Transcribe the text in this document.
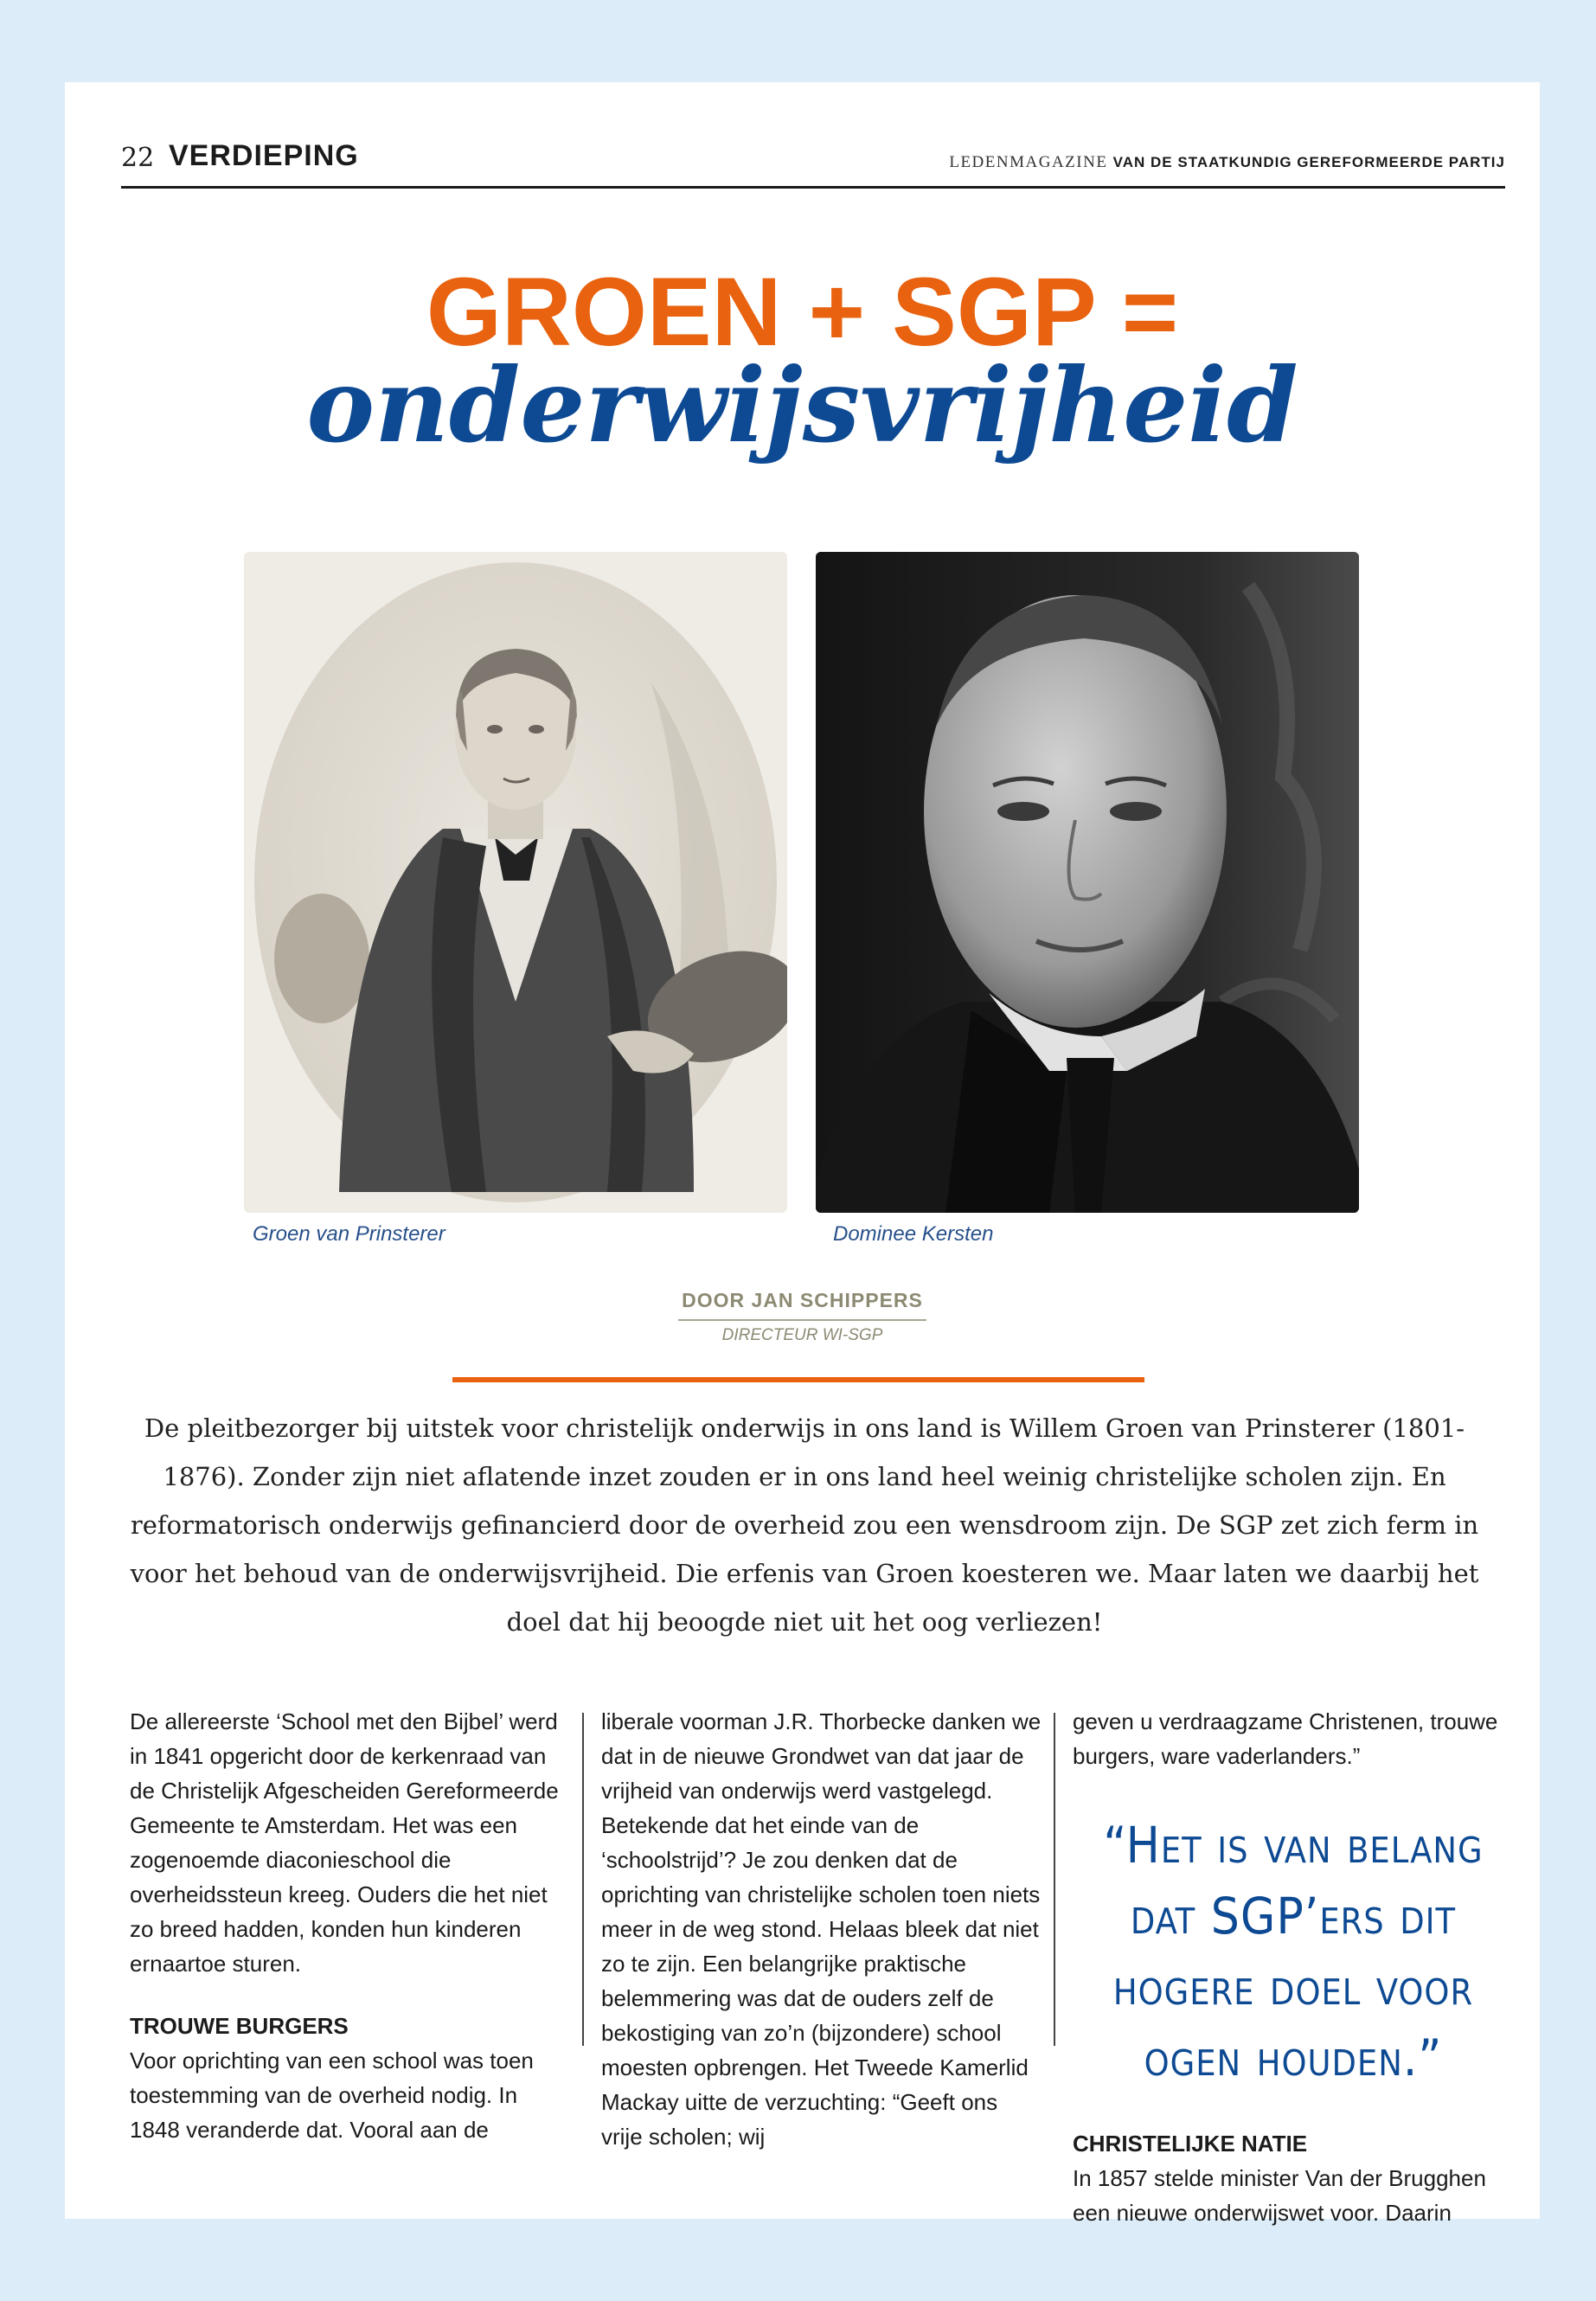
22 VERDIEPING	LEDENMAGAZINE VAN DE STAATKUNDIG GEREFORMEERDE PARTIJ
GROEN + SGP =
onderwijsvrijheid
Groen van Prinsterer	Dominee Kersten
DOOR JAN SCHIPPERS
DIRECTEUR WI-SGP
De pleitbezorger bij uitstek voor christelijk onderwijs in ons land is Willem Groen van Prinsterer (1801-1876). Zonder zijn niet aflatende inzet zouden er in ons land heel weinig christelijke scholen zijn. En reformatorisch onderwijs gefinancierd door de overheid zou een wensdroom zijn. De SGP zet zich ferm in voor het behoud van de onderwijsvrijheid. Die erfenis van Groen koesteren we. Maar laten we daarbij het doel dat hij beoogde niet uit het oog verliezen!

De allereerste ‘School met den Bijbel’ werd in 1841 opgericht door de kerkenraad van de Christelijk Afgescheiden Gereformeerde Gemeente te Amsterdam. Het was een zogenoemde diaconieschool die overheidssteun kreeg. Ouders die het niet zo breed hadden, konden hun kinderen ernaartoe sturen.

TROUWE BURGERS

Voor oprichting van een school was toen toestemming van de overheid nodig. In 1848 veranderde dat. Vooral aan de

liberale voorman J.R. Thorbecke danken we dat in de nieuwe Grondwet van dat jaar de vrijheid van onderwijs werd vastgelegd. Betekende dat het einde van de ‘schoolstrijd’? Je zou denken dat de oprichting van christelijke scholen toen niets meer in de weg stond. Helaas bleek dat niet zo te zijn. Een belangrijke praktische belemmering was dat de ouders zelf de bekostiging van zo’n (bijzondere) school moesten opbrengen. Het Tweede Kamerlid Mackay uitte de verzuchting: “Geeft ons vrije scholen; wij

geven u verdraagzame Christenen, trouwe burgers, ware vaderlanders.”

“Het is van belang dat SGP’ers dit hogere doel voor ogen houden.”
CHRISTELIJKE NATIE

In 1857 stelde minister Van der Brugghen een nieuwe onderwijswet voor. Daarin
